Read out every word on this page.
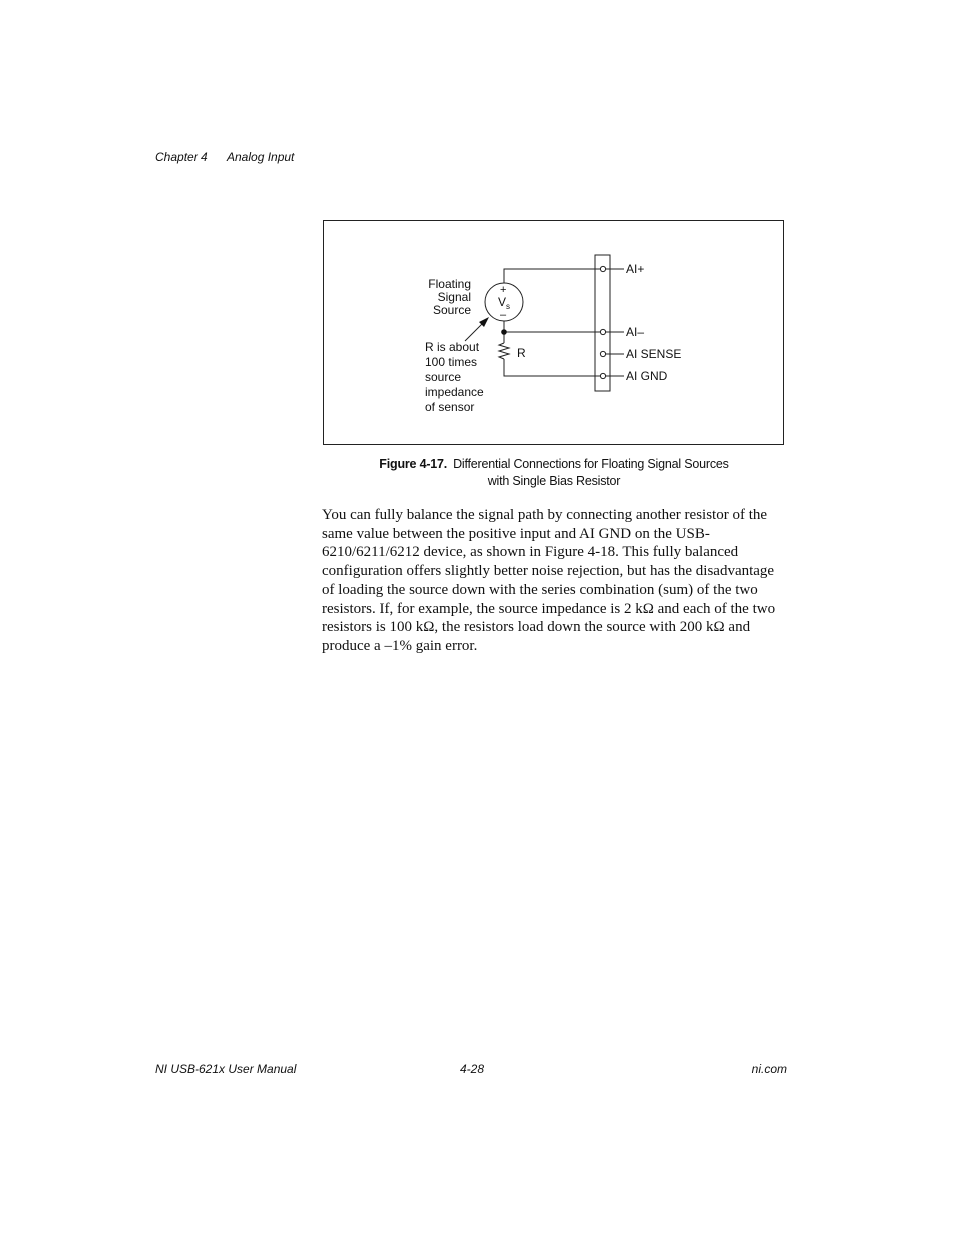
Chapter 4 Analog Input
AI+
AI–
AI SENSE
AI GND
+
$V_s$
–
Floating
Signal
Source
R
R is about
100 times
source
impedance
of sensor
Figure 4-17. Differential Connections for Floating Signal Sources
with Single Bias Resistor

You can fully balance the signal path by connecting another resistor of the same value between the positive input and AI GND on the USB-6210/6211/6212 device, as shown in Figure 4-18. This fully balanced configuration offers slightly better noise rejection, but has the disadvantage of loading the source down with the series combination (sum) of the two resistors. If, for example, the source impedance is 2 kΩ and each of the two resistors is 100 kΩ, the resistors load down the source with 200 kΩ and produce a –1% gain error.

NI USB-621x User Manual	4-28	ni.com
